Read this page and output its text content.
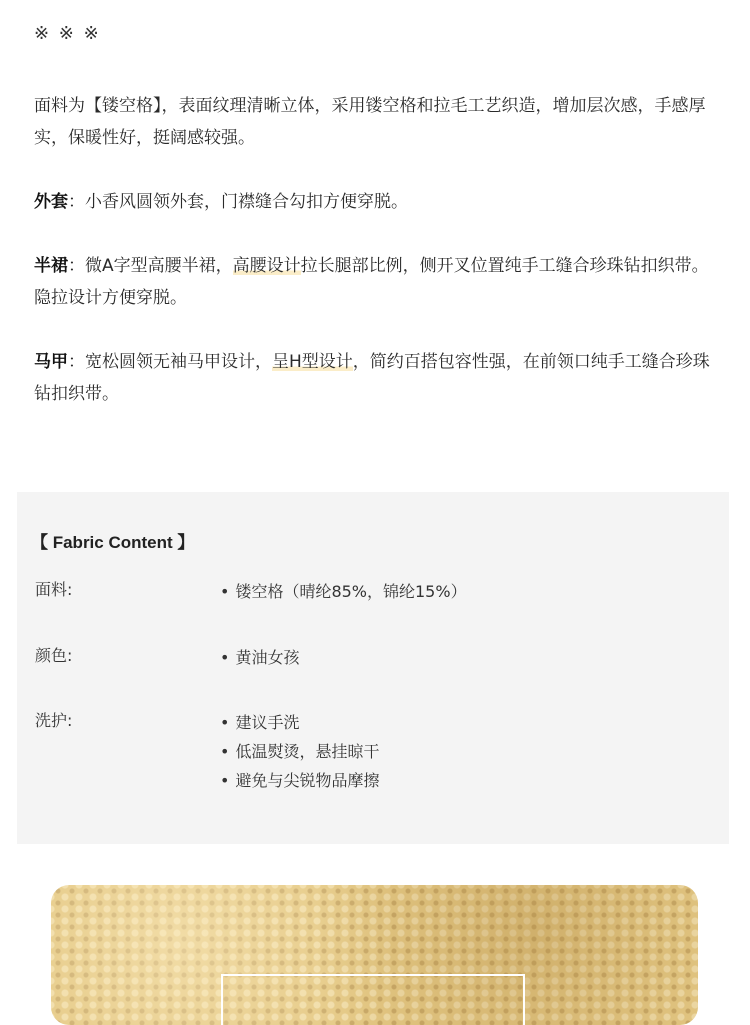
※ ※ ※

面料为【镂空格】，表面纹理清晰立体，采用镂空格和拉毛工艺织造，增加层次感，手感厚实，保暖性好，挺阔感较强。

外套：小香风圆领外套，门襟缝合勾扣方便穿脱。

半裙：微A字型高腰半裙，高腰设计拉长腿部比例，侧开叉位置纯手工缝合珍珠钻扣织带。隐拉设计方便穿脱。

马甲：宽松圆领无袖马甲设计，呈H型设计，简约百搭包容性强，在前领口纯手工缝合珍珠钻扣织带。

【 Fabric Content 】
面料:	• 镂空格（晴纶85%，锦纶15%）
颜色:	• 黄油女孩
洗护:	• 建议手洗
• 低温熨烫，悬挂晾干
• 避免与尖锐物品摩擦
